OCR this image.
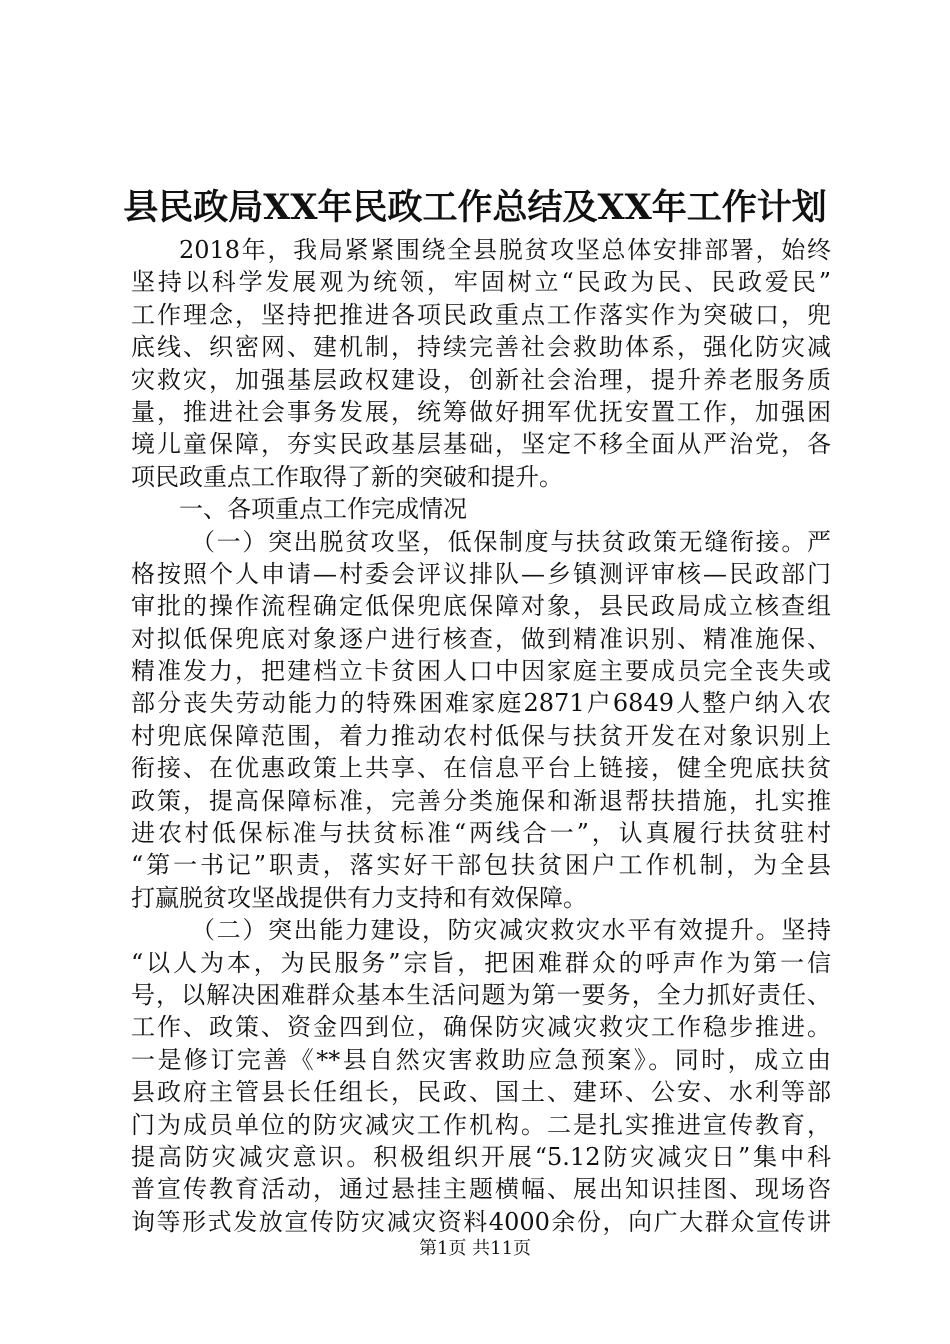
县民政局XX年民政工作总结及XX年工作计划
2018年，我局紧紧围绕全县脱贫攻坚总体安排部署，始终
坚持以科学发展观为统领，牢固树立“民政为民、民政爱民”
工作理念，坚持把推进各项民政重点工作落实作为突破口，兜
底线、织密网、建机制，持续完善社会救助体系，强化防灾减
灾救灾，加强基层政权建设，创新社会治理，提升养老服务质
量，推进社会事务发展，统筹做好拥军优抚安置工作，加强困
境儿童保障，夯实民政基层基础，坚定不移全面从严治党，各
项民政重点工作取得了新的突破和提升。
一、各项重点工作完成情况
（一）突出脱贫攻坚，低保制度与扶贫政策无缝衔接。严
格按照个人申请—村委会评议排队—乡镇测评审核—民政部门
审批的操作流程确定低保兜底保障对象，县民政局成立核查组
对拟低保兜底对象逐户进行核查，做到精准识别、精准施保、
精准发力，把建档立卡贫困人口中因家庭主要成员完全丧失或
部分丧失劳动能力的特殊困难家庭2871户6849人整户纳入农
村兜底保障范围，着力推动农村低保与扶贫开发在对象识别上
衔接、在优惠政策上共享、在信息平台上链接，健全兜底扶贫
政策，提高保障标准，完善分类施保和渐退帮扶措施，扎实推
进农村低保标准与扶贫标准“两线合一”，认真履行扶贫驻村
“第一书记”职责，落实好干部包扶贫困户工作机制，为全县
打赢脱贫攻坚战提供有力支持和有效保障。
（二）突出能力建设，防灾减灾救灾水平有效提升。坚持
“以人为本，为民服务”宗旨，把困难群众的呼声作为第一信
号，以解决困难群众基本生活问题为第一要务，全力抓好责任、
工作、政策、资金四到位，确保防灾减灾救灾工作稳步推进。
一是修订完善《**县自然灾害救助应急预案》。同时，成立由
县政府主管县长任组长，民政、国土、建环、公安、水利等部
门为成员单位的防灾减灾工作机构。二是扎实推进宣传教育，
提高防灾减灾意识。积极组织开展“5.12防灾减灾日”集中科
普宣传教育活动，通过悬挂主题横幅、展出知识挂图、现场咨
询等形式发放宣传防灾减灾资料4000余份，向广大群众宣传讲
第1页 共11页
